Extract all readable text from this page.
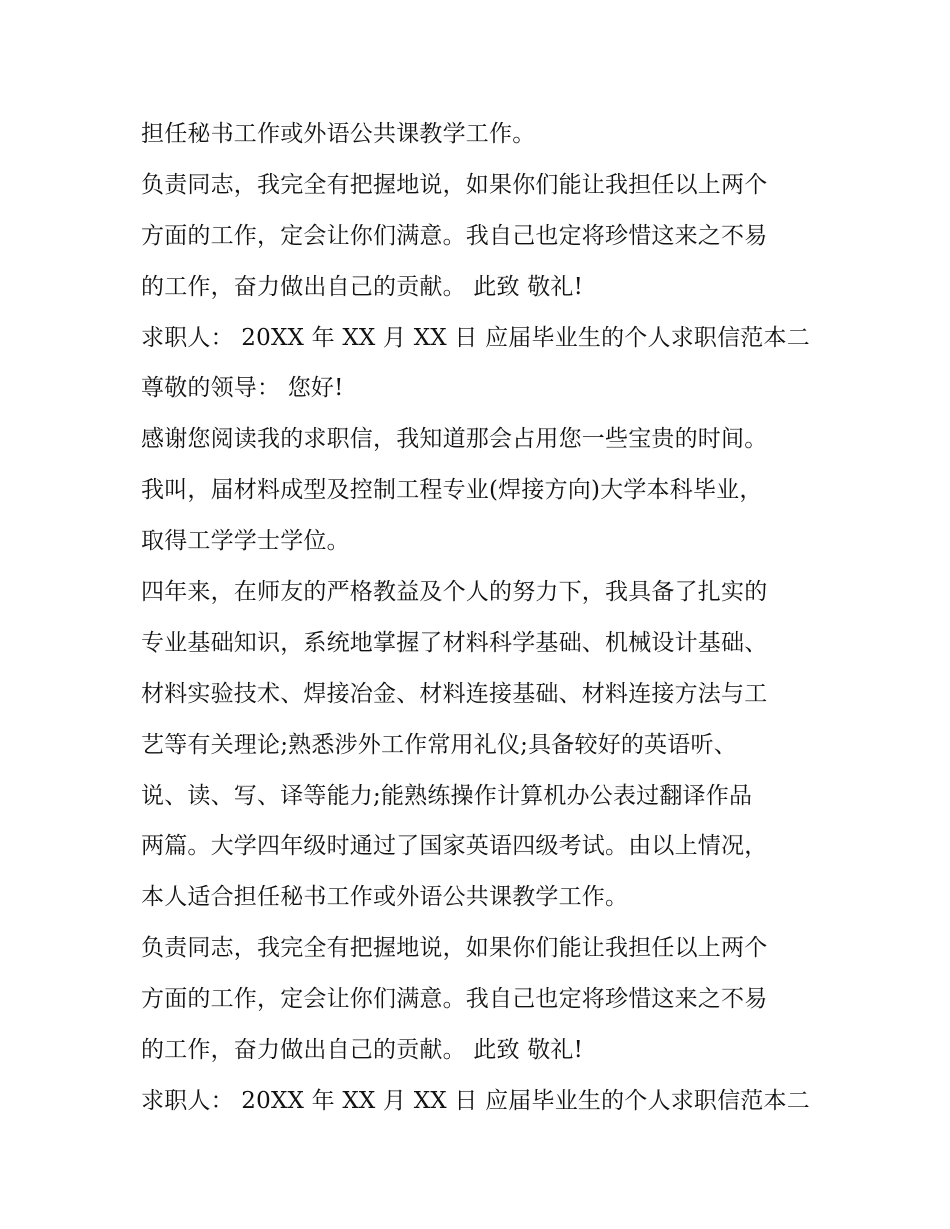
担任秘书工作或外语公共课教学工作。
负责同志，我完全有把握地说，如果你们能让我担任以上两个
方面的工作，定会让你们满意。我自己也定将珍惜这来之不易
的工作，奋力做出自己的贡献。 此致 敬礼!
求职人： 20XX 年 XX 月 XX 日 应届毕业生的个人求职信范本二
尊敬的领导： 您好!
感谢您阅读我的求职信，我知道那会占用您一些宝贵的时间。
我叫，届材料成型及控制工程专业(焊接方向)大学本科毕业，
取得工学学士学位。
四年来，在师友的严格教益及个人的努力下，我具备了扎实的
专业基础知识，系统地掌握了材料科学基础、机械设计基础、
材料实验技术、焊接冶金、材料连接基础、材料连接方法与工
艺等有关理论;熟悉涉外工作常用礼仪;具备较好的英语听、
说、读、写、译等能力;能熟练操作计算机办公表过翻译作品
两篇。大学四年级时通过了国家英语四级考试。由以上情况，
本人适合担任秘书工作或外语公共课教学工作。
负责同志，我完全有把握地说，如果你们能让我担任以上两个
方面的工作，定会让你们满意。我自己也定将珍惜这来之不易
的工作，奋力做出自己的贡献。 此致 敬礼!
求职人： 20XX 年 XX 月 XX 日 应届毕业生的个人求职信范本二
